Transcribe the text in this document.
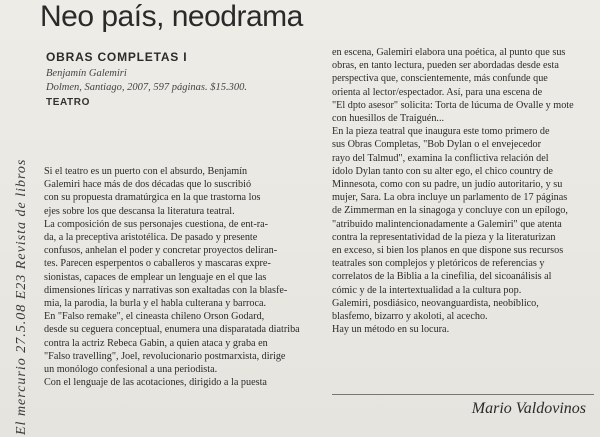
El mercurio 27.5.08 E23 Revista de libros
Neo país, neodrama
OBRAS COMPLETAS I
Benjamín Galemiri
Dolmen, Santiago, 2007, 597 páginas. $15.300.
TEATRO
Si el teatro es un puerto con el absurdo, Benjamín
Galemiri hace más de dos décadas que lo suscribió
con su propuesta dramatúrgica en la que trastorna los
ejes sobre los que descansa la literatura teatral.
La composición de sus personajes cuestiona, de ent-ra-
da, a la preceptiva aristotélica. De pasado y presente
confusos, anhelan el poder y concretar proyectos deliran-
tes. Parecen esperpentos o caballeros y mascaras expre-
sionistas, capaces de emplear un lenguaje en el que las
dimensiones líricas y narrativas son exaltadas con la blasfe-
mia, la parodia, la burla y el habla culterana y barroca.
En "Falso remake", el cineasta chileno Orson Godard,
desde su ceguera conceptual, enumera una disparatada diatriba
contra la actriz Rebeca Gabin, a quien ataca y graba en
"Falso travelling", Joel, revolucionario postmarxista, dirige
un monólogo confesional a una periodista.
Con el lenguaje de las acotaciones, dirigido a la puesta
en escena, Galemiri elabora una poética, al punto que sus
obras, en tanto lectura, pueden ser abordadas desde esta
perspectiva que, conscientemente, más confunde que
orienta al lector/espectador. Así, para una escena de
"El dpto asesor" solicita: Torta de lúcuma de Ovalle y mote
con huesillos de Traiguén...
En la pieza teatral que inaugura este tomo primero de
sus Obras Completas, "Bob Dylan o el envejecedor
rayo del Talmud", examina la conflictiva relación del
ídolo Dylan tanto con su alter ego, el chico country de
Minnesota, como con su padre, un judío autoritario, y su
mujer, Sara. La obra incluye un parlamento de 17 páginas
de Zimmerman en la sinagoga y concluye con un epílogo,
"atribuido malintencionadamente a Galemiri" que atenta
contra la representatividad de la pieza y la literaturizan
en exceso, si bien los planos en que dispone sus recursos
teatrales son complejos y pletóricos de referencias y
correlatos de la Biblia a la cinefilia, del sicoanálisis al
cómic y de la intertextualidad a la cultura pop.
Galemiri, posdiásico, neovanguardista, neobíblico,
blasfemo, bizarro y akoloti, al acecho.
Hay un método en su locura.
Mario Valdovinos
